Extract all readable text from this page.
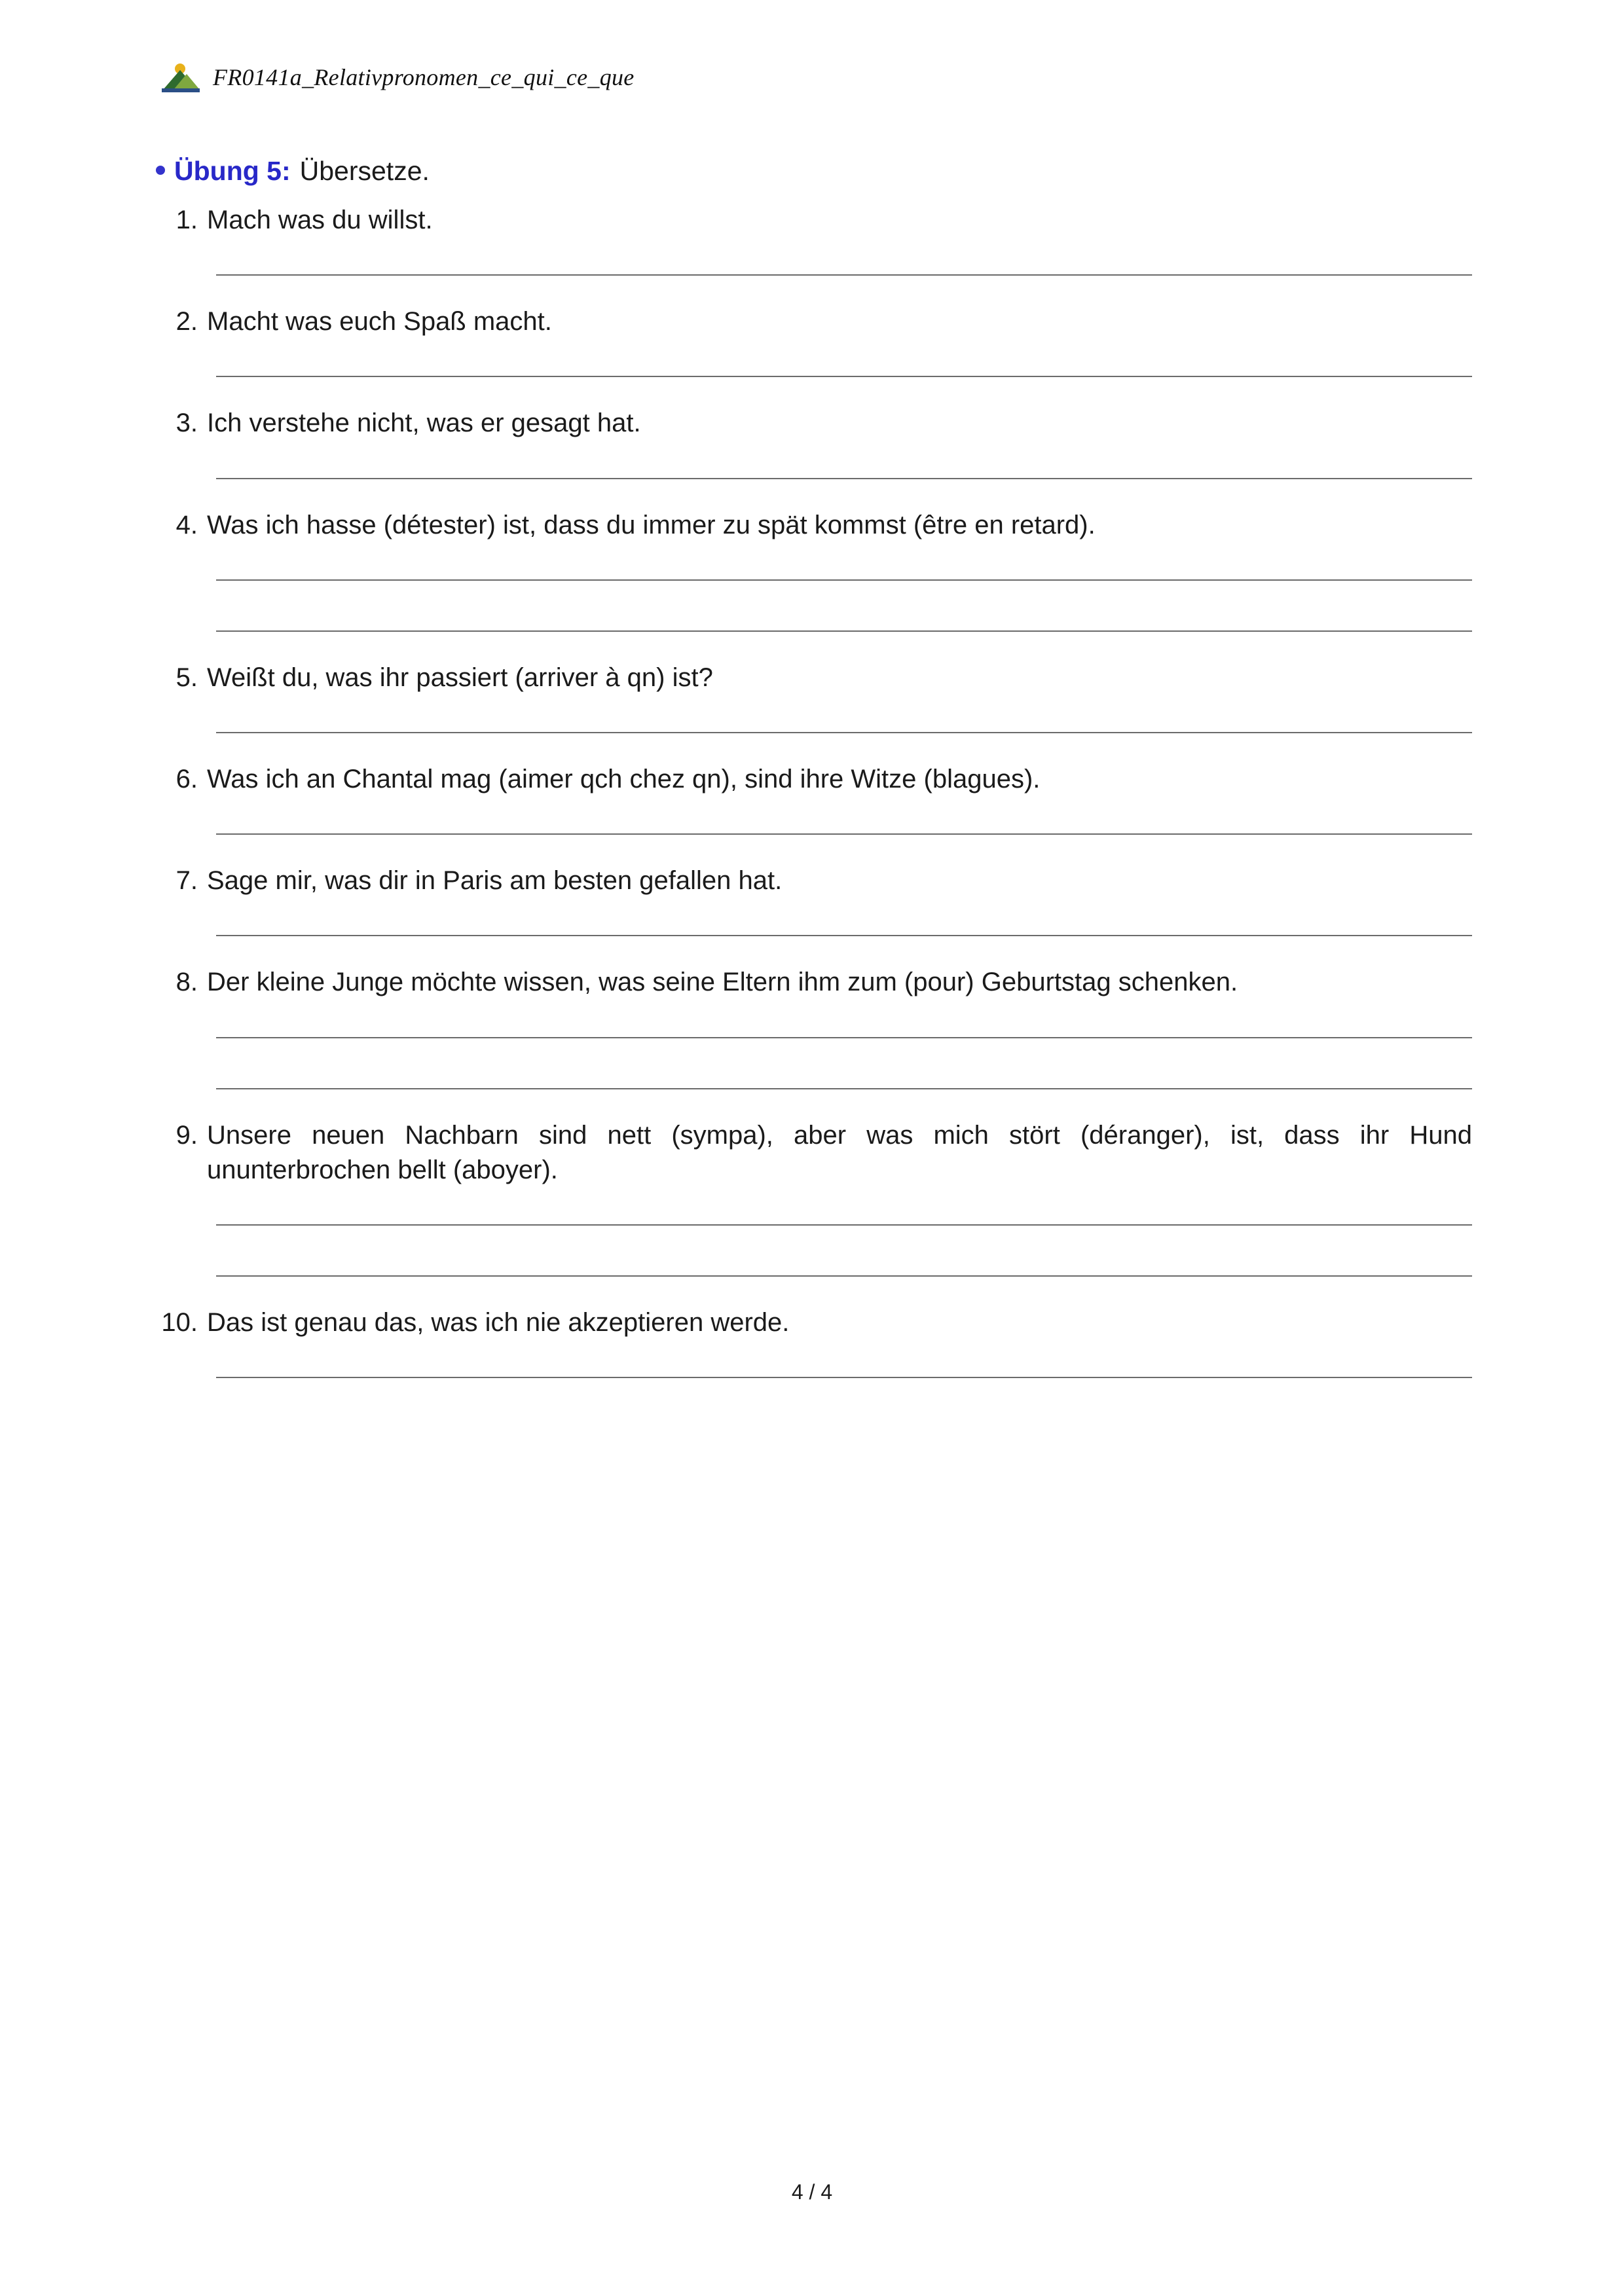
FR0141a_Relativpronomen_ce_qui_ce_que
Übung 5: Übersetze.
1. Mach was du willst.
2. Macht was euch Spaß macht.
3. Ich verstehe nicht, was er gesagt hat.
4. Was ich hasse (détester) ist, dass du immer zu spät kommst (être en retard).
5. Weißt du, was ihr passiert (arriver à qn) ist?
6. Was ich an Chantal mag (aimer qch chez qn), sind ihre Witze (blagues).
7. Sage mir, was dir in Paris am besten gefallen hat.
8. Der kleine Junge möchte wissen, was seine Eltern ihm zum (pour) Geburtstag schenken.
9. Unsere neuen Nachbarn sind nett (sympa), aber was mich stört (déranger), ist, dass ihr Hund ununterbrochen bellt (aboyer).
10. Das ist genau das, was ich nie akzeptieren werde.
4 / 4
